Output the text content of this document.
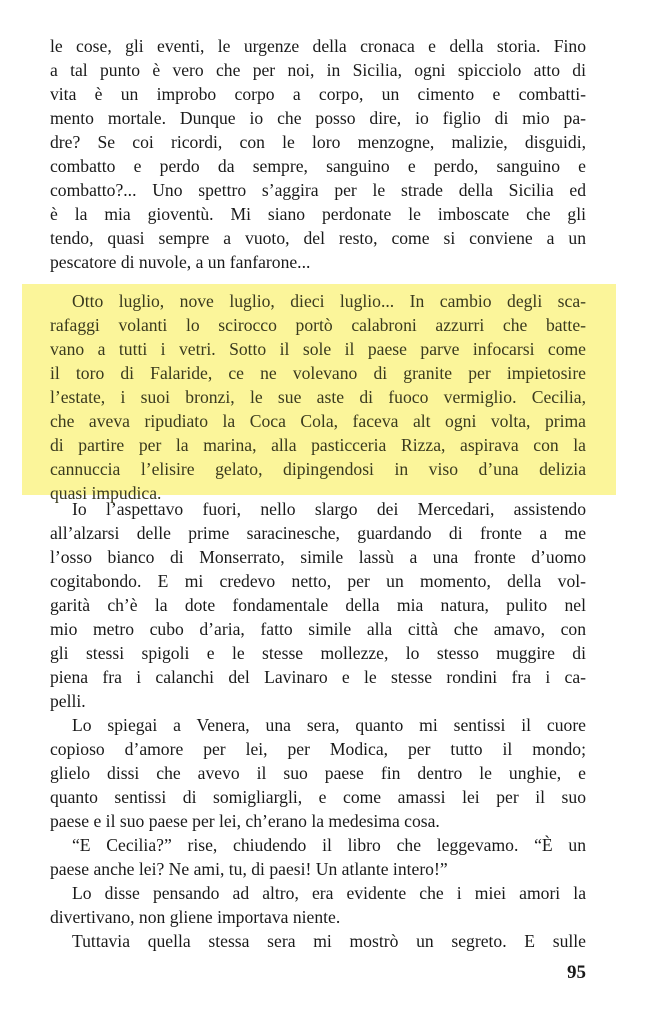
le cose, gli eventi, le urgenze della cronaca e della storia. Fino
a tal punto è vero che per noi, in Sicilia, ogni spicciolo atto di
vita è un improbo corpo a corpo, un cimento e combatti-
mento mortale. Dunque io che posso dire, io figlio di mio pa-
dre? Se coi ricordi, con le loro menzogne, malizie, disguidi,
combatto e perdo da sempre, sanguino e perdo, sanguino e
combatto?... Uno spettro s’aggira per le strade della Sicilia ed
è la mia gioventù. Mi siano perdonate le imboscate che gli
tendo, quasi sempre a vuoto, del resto, come si conviene a un
pescatore di nuvole, a un fanfarone...
Otto luglio, nove luglio, dieci luglio... In cambio degli sca-
rafaggi volanti lo scirocco portò calabroni azzurri che batte-
vano a tutti i vetri. Sotto il sole il paese parve infocarsi come
il toro di Falaride, ce ne volevano di granite per impietosire
l’estate, i suoi bronzi, le sue aste di fuoco vermiglio. Cecilia,
che aveva ripudiato la Coca Cola, faceva alt ogni volta, prima
di partire per la marina, alla pasticceria Rizza, aspirava con la
cannuccia l’elisire gelato, dipingendosi in viso d’una delizia
quasi impudica.
Io l’aspettavo fuori, nello slargo dei Mercedari, assistendo
all’alzarsi delle prime saracinesche, guardando di fronte a me
l’osso bianco di Monserrato, simile lassù a una fronte d’uomo
cogitabondo. E mi credevo netto, per un momento, della vol-
garità ch’è la dote fondamentale della mia natura, pulito nel
mio metro cubo d’aria, fatto simile alla città che amavo, con
gli stessi spigoli e le stesse mollezze, lo stesso muggire di
piena fra i calanchi del Lavinaro e le stesse rondini fra i ca-
pelli.
Lo spiegai a Venera, una sera, quanto mi sentissi il cuore
copioso d’amore per lei, per Modica, per tutto il mondo;
glielo dissi che avevo il suo paese fin dentro le unghie, e
quanto sentissi di somigliargli, e come amassi lei per il suo
paese e il suo paese per lei, ch’erano la medesima cosa.
“E Cecilia?” rise, chiudendo il libro che leggevamo. “È un
paese anche lei? Ne ami, tu, di paesi! Un atlante intero!”
Lo disse pensando ad altro, era evidente che i miei amori la
divertivano, non gliene importava niente.
Tuttavia quella stessa sera mi mostrò un segreto. E sulle
95
